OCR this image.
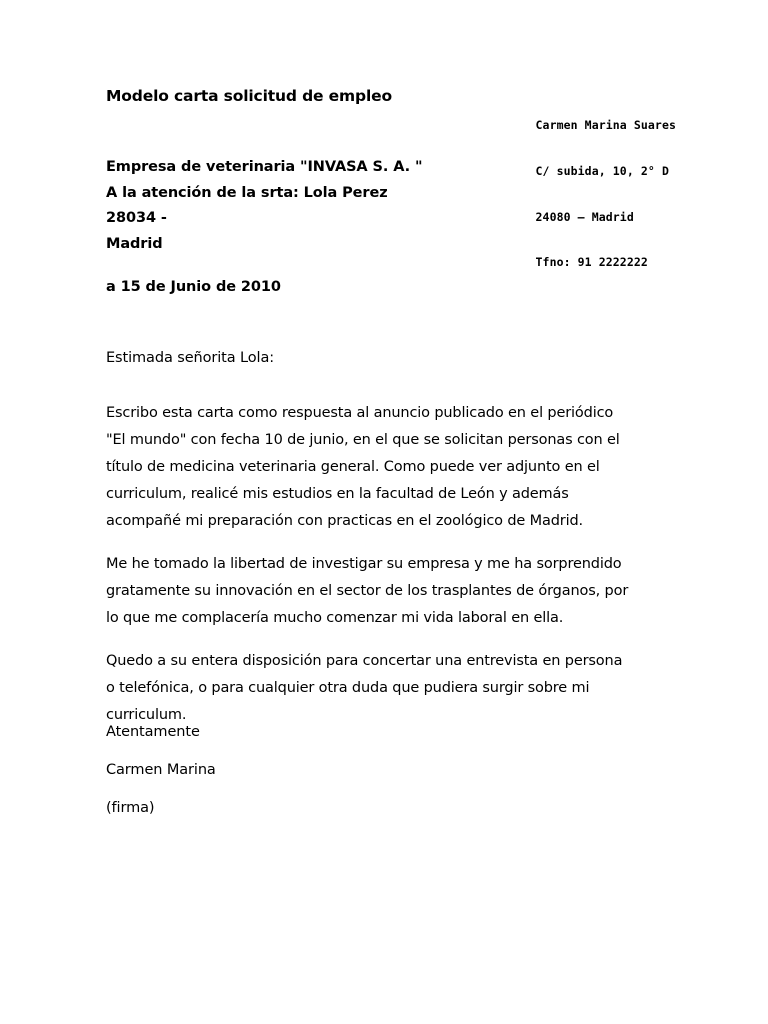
Modelo carta solicitud de empleo

Carmen Marina Suares

C/ subida, 10, 2° D

24080 – Madrid

Tfno: 91 2222222

Empresa de veterinaria "INVASA S. A. "
A la atención de la srta: Lola Perez
28034 -
Madrid
a 15 de Junio de 2010
Estimada señorita Lola:

Escribo esta carta como respuesta al anuncio publicado en el periódico
"El mundo" con fecha 10 de junio, en el que se solicitan personas con el
título de medicina veterinaria general. Como puede ver adjunto en el
curriculum, realicé mis estudios en la facultad de León y además
acompañé mi preparación con practicas en el zoológico de Madrid.

Me he tomado la libertad de investigar su empresa y me ha sorprendido
gratamente su innovación en el sector de los trasplantes de órganos, por
lo que me complacería mucho comenzar mi vida laboral en ella.

Quedo a su entera disposición para concertar una entrevista en persona
o telefónica, o para cualquier otra duda que pudiera surgir sobre mi
curriculum.

Atentamente
Carmen Marina
(firma)
